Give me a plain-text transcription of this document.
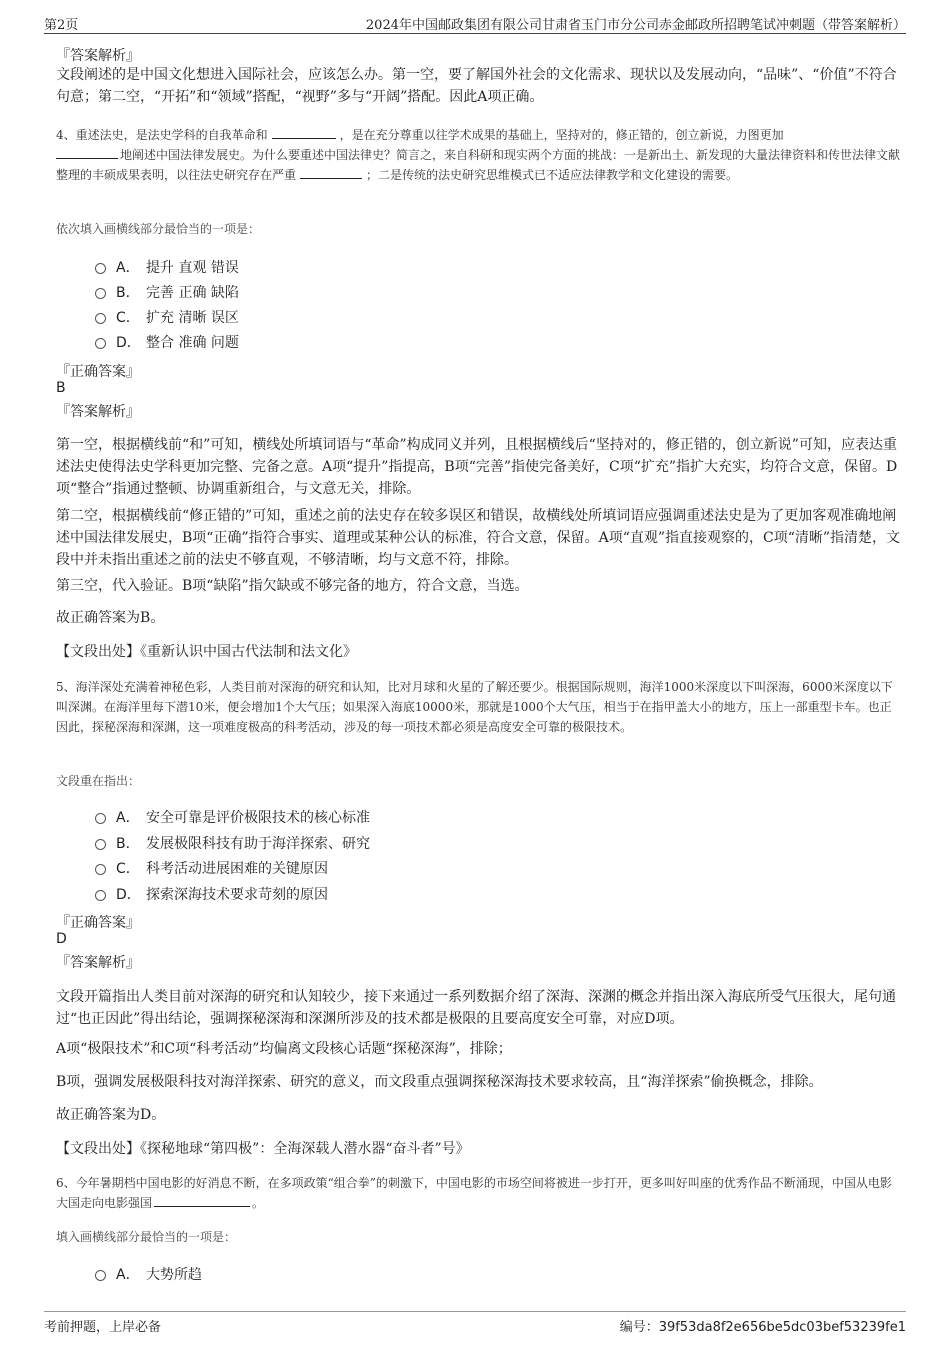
第2页	2024年中国邮政集团有限公司甘肃省玉门市分公司赤金邮政所招聘笔试冲刺题（带答案解析）
『答案解析』
文段阐述的是中国文化想进入国际社会，应该怎么办。第一空，要了解国外社会的文化需求、现状以及发展动向，“品味”、“价值”不符合句意；第二空，“开拓”和“领域”搭配，“视野”多与“开阔”搭配。因此A项正确。
4、重述法史，是法史学科的自我革命和	，是在充分尊重以往学术成果的基础上，坚持对的，修正错的，创立新说，力图更加
地阐述中国法律发展史。为什么要重述中国法律史？简言之，来自科研和现实两个方面的挑战：一是新出土、新发现的大量法律资料和传世法律文献整理的丰硕成果表明，以往法史研究存在严重	；二是传统的法史研究思维模式已不适应法律教学和文化建设的需要。
依次填入画横线部分最恰当的一项是：
A． 提升 直观 错误
B． 完善 正确 缺陷
C． 扩充 清晰 误区
D． 整合 准确 问题
『正确答案』
B
『答案解析』
第一空，根据横线前“和”可知，横线处所填词语与“革命”构成同义并列，且根据横线后“坚持对的，修正错的，创立新说”可知，应表达重述法史使得法史学科更加完整、完备之意。A项“提升”指提高，B项“完善”指使完备美好，C项“扩充”指扩大充实，均符合文意，保留。D项“整合”指通过整顿、协调重新组合，与文意无关，排除。
第二空，根据横线前“修正错的”可知，重述之前的法史存在较多误区和错误，故横线处所填词语应强调重述法史是为了更加客观准确地阐述中国法律发展史，B项“正确”指符合事实、道理或某种公认的标准，符合文意，保留。A项“直观”指直接观察的，C项“清晰”指清楚，文段中并未指出重述之前的法史不够直观，不够清晰，均与文意不符，排除。
第三空，代入验证。B项“缺陷”指欠缺或不够完备的地方，符合文意，当选。
故正确答案为B。
【文段出处】《重新认识中国古代法制和法文化》
5、海洋深处充满着神秘色彩，人类目前对深海的研究和认知，比对月球和火星的了解还要少。根据国际规则，海洋1000米深度以下叫深海，6000米深度以下叫深渊。在海洋里每下潜10米，便会增加1个大气压；如果深入海底10000米，那就是1000个大气压，相当于在指甲盖大小的地方，压上一部重型卡车。也正因此，探秘深海和深渊，这一项难度极高的科考活动，涉及的每一项技术都必须是高度安全可靠的极限技术。
文段重在指出：
A． 安全可靠是评价极限技术的核心标准
B． 发展极限科技有助于海洋探索、研究
C． 科考活动进展困难的关键原因
D． 探索深海技术要求苛刻的原因
『正确答案』
D
『答案解析』
文段开篇指出人类目前对深海的研究和认知较少，接下来通过一系列数据介绍了深海、深渊的概念并指出深入海底所受气压很大，尾句通过“也正因此”得出结论，强调探秘深海和深渊所涉及的技术都是极限的且要高度安全可靠，对应D项。
A项“极限技术”和C项“科考活动”均偏离文段核心话题“探秘深海”，排除；
B项，强调发展极限科技对海洋探索、研究的意义，而文段重点强调探秘深海技术要求较高，且“海洋探索”偷换概念，排除。
故正确答案为D。
【文段出处】《探秘地球“第四极”：全海深载人潜水器“奋斗者”号》
6、今年暑期档中国电影的好消息不断，在多项政策“组合拳”的刺激下，中国电影的市场空间将被进一步打开，更多叫好叫座的优秀作品不断涌现，中国从电影大国走向电影强国	。
填入画横线部分最恰当的一项是：
A． 大势所趋
考前押题，上岸必备	编号：39f53da8f2e656be5dc03bef53239fe1
